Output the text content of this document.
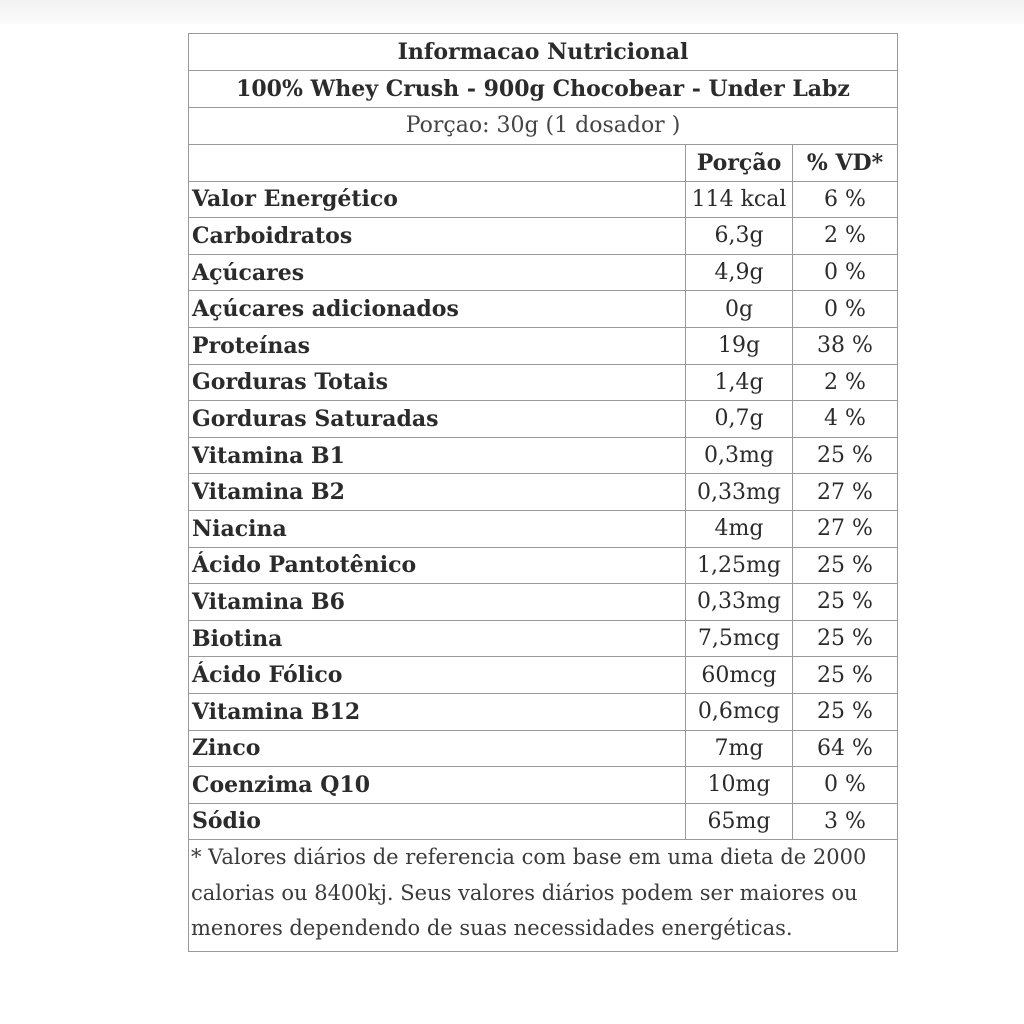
Informacao Nutricional
100% Whey Crush - 900g Chocobear - Under Labz
Porçao: 30g (1 dosador )
	Porção	% VD*
Valor Energético	114 kcal	6 %
Carboidratos	6,3g	2 %
Açúcares	4,9g	0 %
Açúcares adicionados	0g	0 %
Proteínas	19g	38 %
Gorduras Totais	1,4g	2 %
Gorduras Saturadas	0,7g	4 %
Vitamina B1	0,3mg	25 %
Vitamina B2	0,33mg	27 %
Niacina	4mg	27 %
Ácido Pantotênico	1,25mg	25 %
Vitamina B6	0,33mg	25 %
Biotina	7,5mcg	25 %
Ácido Fólico	60mcg	25 %
Vitamina B12	0,6mcg	25 %
Zinco	7mg	64 %
Coenzima Q10	10mg	0 %
Sódio	65mg	3 %
* Valores diários de referencia com base em uma dieta de 2000 calorias ou 8400kj. Seus valores diários podem ser maiores ou menores dependendo de suas necessidades energéticas.
